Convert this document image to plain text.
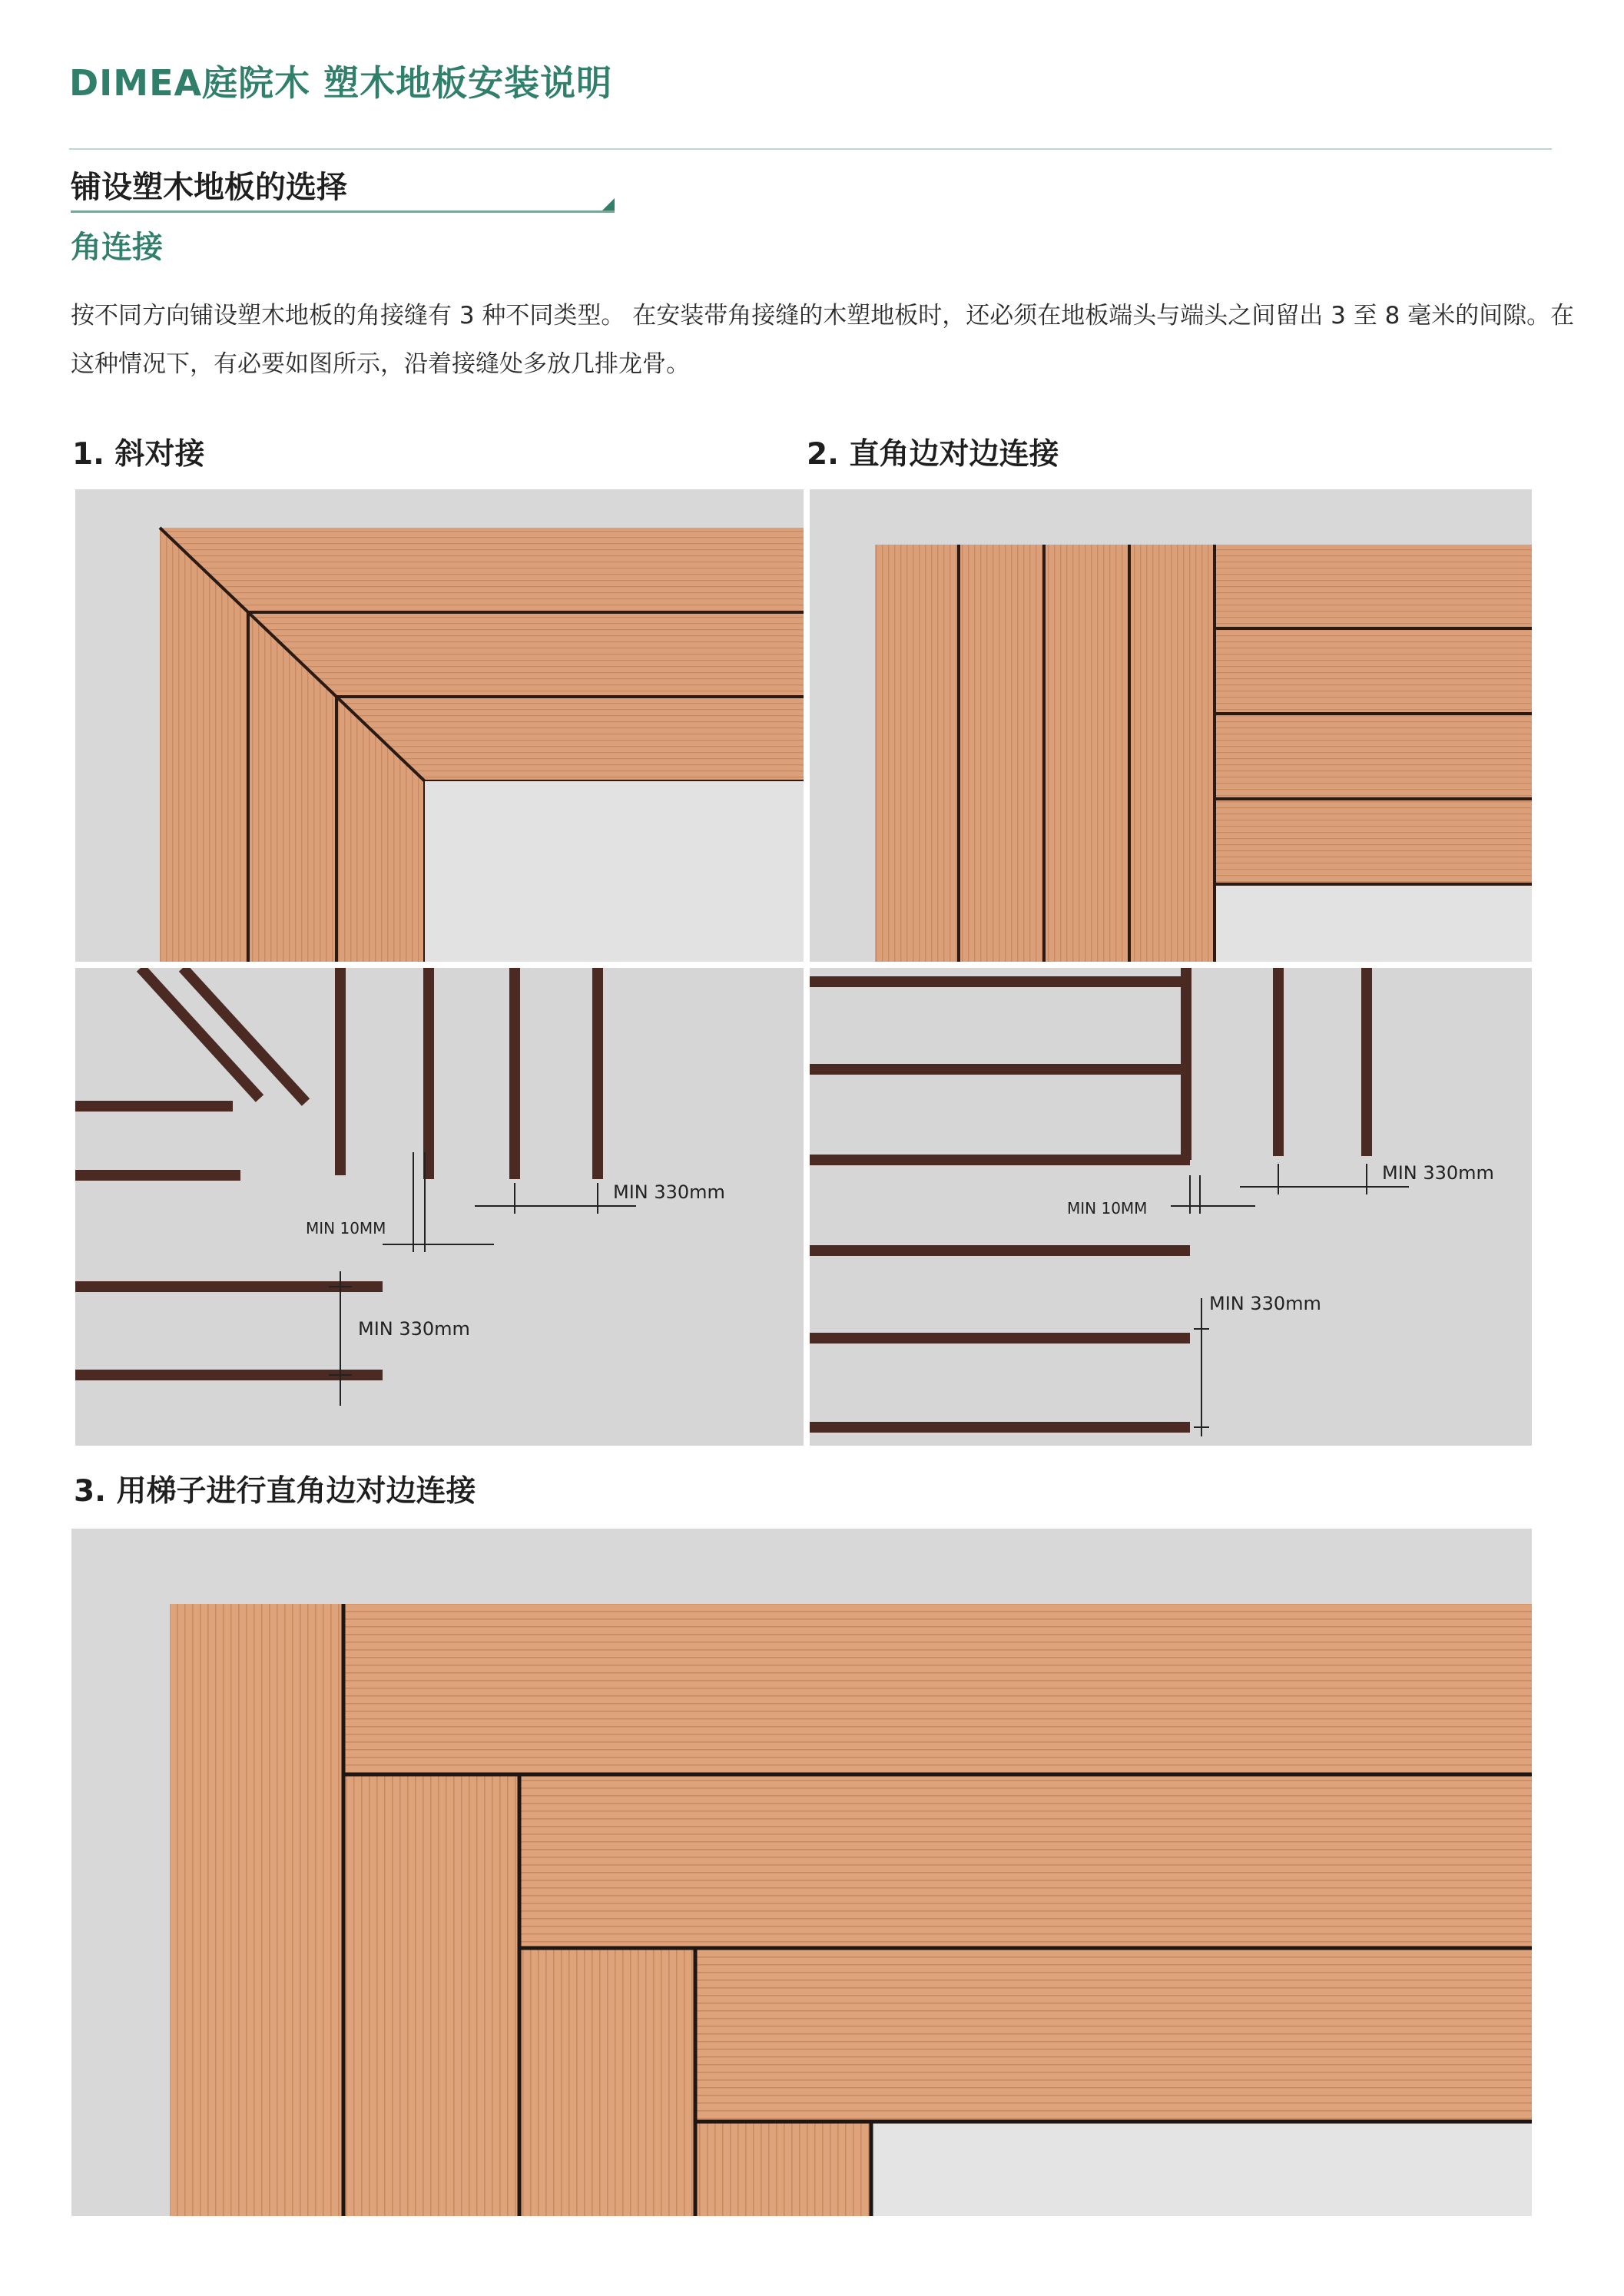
DIMEA庭院木 塑木地板安装说明
铺设塑木地板的选择
角连接

按不同方向铺设塑木地板的角接缝有 3 种不同类型。 在安装带角接缝的木塑地板时，还必须在地板端头与端头之间留出 3 至 8 毫米的间隙。在这种情况下，有必要如图所示，沿着接缝处多放几排龙骨。

1. 斜对接	2. 直角边对边连接

MIN 10MM
MIN 330mm
MIN 330mm
MIN 10MM
MIN 330mm
MIN 330mm

3. 用梯子进行直角边对边连接
